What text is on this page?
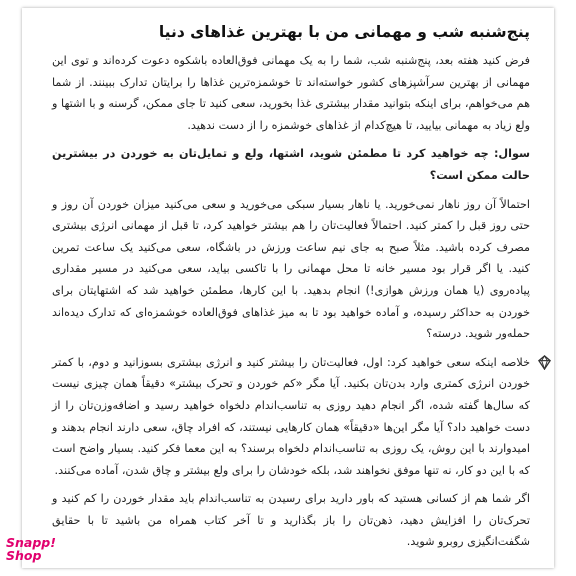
پنج‌شنبه شب و مهمانی من با بهترین غذاهای دنیا

فرض کنید هفته بعد، پنج‌شنبه شب، شما را به یک مهمانی فوق‌العاده باشکوه دعوت کرده‌اند و توی این مهمانی از بهترین سرآشپزهای کشور خواسته‌اند تا خوشمزه‌ترین غذاها را برایتان تدارک ببینند. از شما هم می‌خواهم، برای اینکه بتوانید مقدار بیشتری غذا بخورید، سعی کنید تا جای ممکن، گرسنه و با اشتها و ولع زیاد به مهمانی بیایید، تا هیچ‌کدام از غذاهای خوشمزه را از دست ندهید.

سوال: چه خواهید کرد تا مطمئن شوید، اشتها، ولع و تمایل‌تان به خوردن در بیشترین حالت ممکن است؟

احتمالاً آن روز ناهار نمی‌خورید. یا ناهار بسیار سبکی می‌خورید و سعی می‌کنید میزان خوردن آن روز و حتی روز قبل را کمتر کنید. احتمالاً فعالیت‌تان را هم بیشتر خواهید کرد، تا قبل از مهمانی انرژی بیشتری مصرف کرده باشید. مثلاً صبح به جای نیم ساعت ورزش در باشگاه، سعی می‌کنید یک ساعت تمرین کنید. یا اگر قرار بود مسیر خانه تا محل مهمانی را با تاکسی بیاید، سعی می‌کنید در مسیر مقداری پیاده‌روی (یا همان ورزش هوازی!) انجام بدهید. با این کارها، مطمئن خواهید شد که اشتهایتان برای خوردن به حداکثر رسیده، و آماده خواهید بود تا به میز غذاهای فوق‌العاده خوشمزه‌ای که تدارک دیده‌اند حمله‌ور شوید. درسته؟

خلاصه اینکه سعی خواهید کرد: اول، فعالیت‌تان را بیشتر کنید و انرژی بیشتری بسوزانید و دوم، با کمتر خوردن انرژی کمتری وارد بدن‌تان بکنید. آیا مگر «کم خوردن و تحرک بیشتر» دقیقاً همان چیزی نیست که سال‌ها گفته شده، اگر انجام دهید روزی به تناسب‌اندام دلخواه خواهید رسید و اضافه‌وزن‌تان را از دست خواهید داد؟ آیا مگر این‌ها «دقیقاً» همان کارهایی نیستند، که افراد چاق، سعی دارند انجام بدهند و امیدوارند با این روش، یک روزی به تناسب‌اندام دلخواه برسند؟ به این معما فکر کنید. بسیار واضح است که با این دو کار، نه تنها موفق نخواهند شد، بلکه خودشان را برای ولع بیشتر و چاق شدن، آماده می‌کنند.

اگر شما هم از کسانی هستید که باور دارید برای رسیدن به تناسب‌اندام باید مقدار خوردن را کم کنید و تحرک‌تان را افزایش دهید، ذهن‌تان را باز بگذارید و تا آخر کتاب همراه من باشید تا با حقایق شگفت‌انگیزی روبرو شوید.

Snapp!
Shop
